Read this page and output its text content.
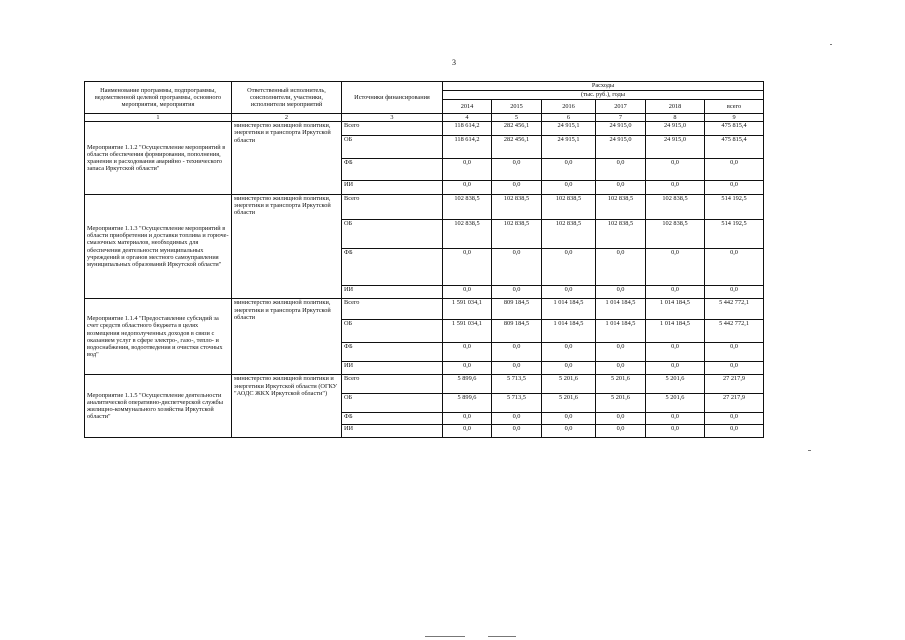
3
Наименование программы, подпрограммы, ведомственной целевой программы, основного мероприятия, мероприятия	Ответственный исполнитель, соисполнители, участники, исполнители мероприятий	Источники финансирования	Расходы					
			(тыс. руб.), годы					
			2014	2015	2016	2017	2018	всего
1	2	3	4	5	6	7	8	9
Мероприятие 1.1.2 "Осуществление мероприятий в области обеспечения формирования, пополнения, хранения и расходования аварийно - технического запаса Иркутской области"	министерство жилищной политики, энергетики и транспорта Иркутской области	Всего	118 614,2	282 456,1	24 915,1	24 915,0	24 915,0	475 815,4
		ОБ	118 614,2	282 456,1	24 915,1	24 915,0	24 915,0	475 815,4
		ФБ	0,0	0,0	0,0	0,0	0,0	0,0
		ИИ	0,0	0,0	0,0	0,0	0,0	0,0
Мероприятие 1.1.3 "Осуществление мероприятий в области приобретения и доставки топлива и горюче-смазочных материалов, необходимых для обеспечения деятельности муниципальных учреждений и органов местного самоуправления муниципальных образований Иркутской области"	министерство жилищной политики, энергетики и транспорта Иркутской области	Всего	102 838,5	102 838,5	102 838,5	102 838,5	102 838,5	514 192,5
		ОБ	102 838,5	102 838,5	102 838,5	102 838,5	102 838,5	514 192,5
		ФБ	0,0	0,0	0,0	0,0	0,0	0,0
		ИИ	0,0	0,0	0,0	0,0	0,0	0,0
Мероприятие 1.1.4 "Предоставление субсидий за счет средств областного бюджета в целях возмещения недополученных доходов в связи с оказанием услуг в сфере электро-, газо-, тепло- и водоснабжения, водоотведения и очистки сточных вод"	министерство жилищной политики, энергетики и транспорта Иркутской области	Всего	1 591 034,1	809 184,5	1 014 184,5	1 014 184,5	1 014 184,5	5 442 772,1
		ОБ	1 591 034,1	809 184,5	1 014 184,5	1 014 184,5	1 014 184,5	5 442 772,1
		ФБ	0,0	0,0	0,0	0,0	0,0	0,0
		ИИ	0,0	0,0	0,0	0,0	0,0	0,0
Мероприятие 1.1.5 "Осуществление деятельности аналитической оперативно-диспетчерской службы жилищно-коммунального хозяйства Иркутской области"	министерство жилищной политики и энергетики Иркутской области (ОГКУ "АОДС ЖКХ Иркутской области")	Всего	5 899,6	5 713,5	5 201,6	5 201,6	5 201,6	27 217,9
		ОБ	5 899,6	5 713,5	5 201,6	5 201,6	5 201,6	27 217,9
		ФБ	0,0	0,0	0,0	0,0	0,0	0,0
		ИИ	0,0	0,0	0,0	0,0	0,0	0,0
